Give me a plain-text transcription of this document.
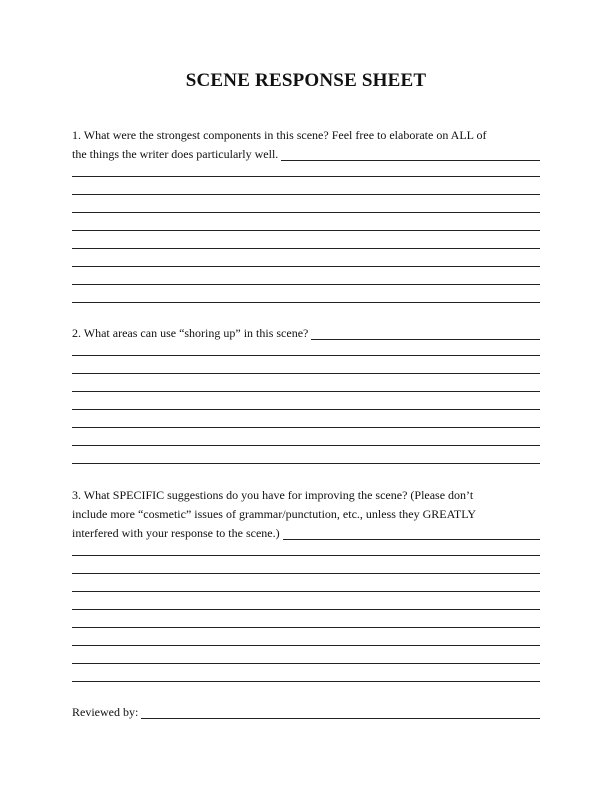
SCENE RESPONSE SHEET
1. What were the strongest components in this scene? Feel free to elaborate on ALL of
the things the writer does particularly well.
2. What areas can use “shoring up” in this scene?
3. What SPECIFIC suggestions do you have for improving the scene? (Please don’t
include more “cosmetic” issues of grammar/punctution, etc., unless they GREATLY
interfered with your response to the scene.)
Reviewed by:
